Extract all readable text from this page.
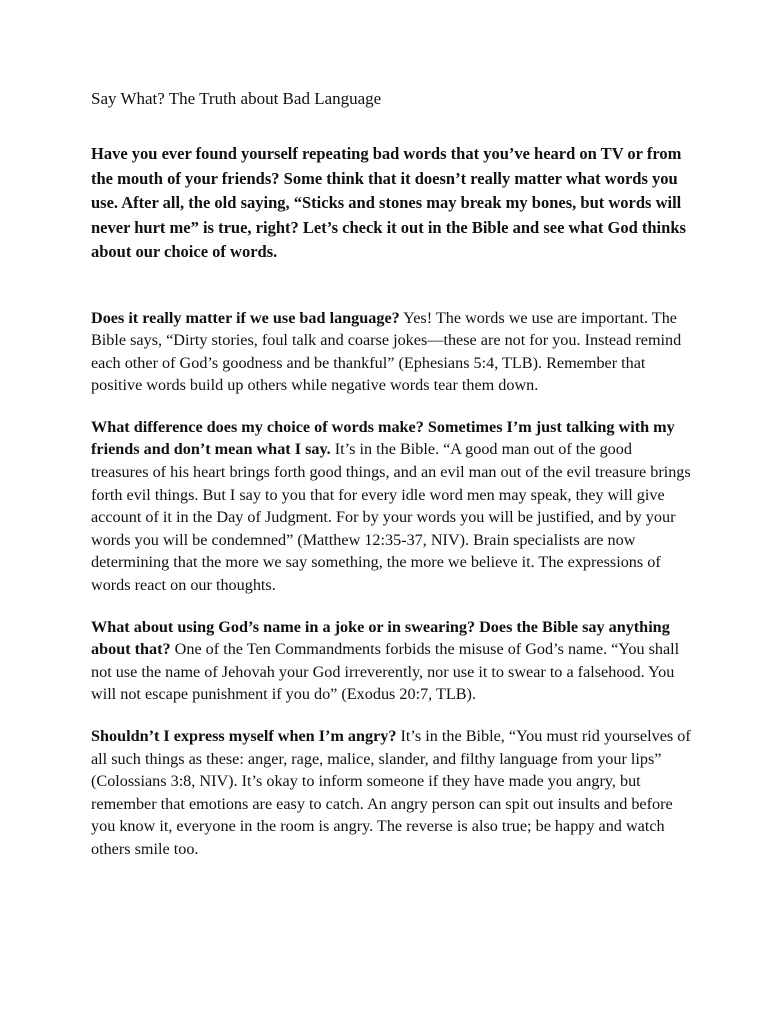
Say What? The Truth about Bad Language

Have you ever found yourself repeating bad words that you’ve heard on TV or from the mouth of your friends? Some think that it doesn’t really matter what words you use. After all, the old saying, “Sticks and stones may break my bones, but words will never hurt me” is true, right? Let’s check it out in the Bible and see what God thinks about our choice of words.

Does it really matter if we use bad language? Yes! The words we use are important. The Bible says, “Dirty stories, foul talk and coarse jokes—these are not for you. Instead remind each other of God’s goodness and be thankful” (Ephesians 5:4, TLB). Remember that positive words build up others while negative words tear them down.

What difference does my choice of words make? Sometimes I’m just talking with my friends and don’t mean what I say. It’s in the Bible. “A good man out of the good treasures of his heart brings forth good things, and an evil man out of the evil treasure brings forth evil things. But I say to you that for every idle word men may speak, they will give account of it in the Day of Judgment. For by your words you will be justified, and by your words you will be condemned” (Matthew 12:35-37, NIV). Brain specialists are now determining that the more we say something, the more we believe it. The expressions of words react on our thoughts.

What about using God’s name in a joke or in swearing? Does the Bible say anything about that? One of the Ten Commandments forbids the misuse of God’s name. “You shall not use the name of Jehovah your God irreverently, nor use it to swear to a falsehood. You will not escape punishment if you do” (Exodus 20:7, TLB).

Shouldn’t I express myself when I’m angry? It’s in the Bible, “You must rid yourselves of all such things as these: anger, rage, malice, slander, and filthy language from your lips” (Colossians 3:8, NIV). It’s okay to inform someone if they have made you angry, but remember that emotions are easy to catch. An angry person can spit out insults and before you know it, everyone in the room is angry. The reverse is also true; be happy and watch others smile too.
